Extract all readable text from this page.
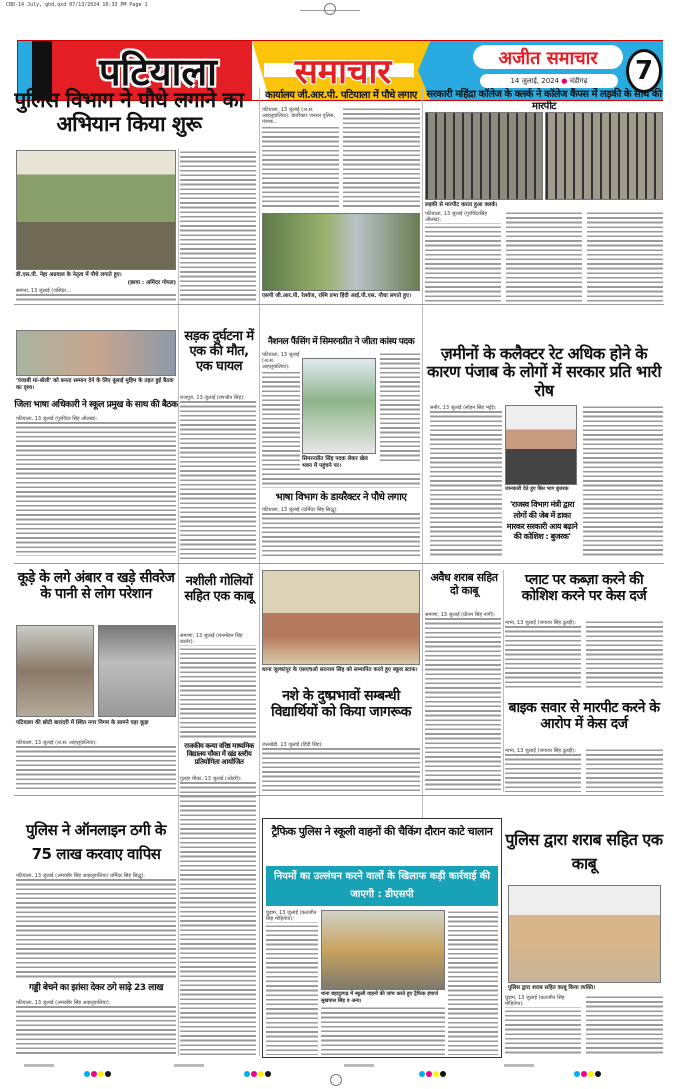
CBD-14 July, ghd.qxd 07/13/2024 10:33 PM Page 1
पटियाला	समाचार	अजीत समाचार
14 जुलाई, 2024 ● चंडीगढ़	7
पुलिस विभाग ने पौधे लगाने का अभियान किया शुरू
डी.एस.पी. नेहा अग्रवाल के नेतृत्व में पौधे लगाते हुए।
(छाया : अमिंदर गोयल)
समाना, 13 जुलाई (जसिंदर...
कार्यालय जी.आर.पी. पटियाला में पौधे लगाए
पटियाला, 13 जुलाई (अ.स. आहलूवालिया): डायरैक्टर जनरल पुलिस, पंजाब...
एसपी जी.आर.पी. रेलवेज, रश्मि प्रभा हिंदी आई.पी.एस. पौधा लगाते हुए।
सरकारी महिंद्रा कॉलेज के क्लर्क ने कॉलेज कैंपस में लड़की के साथ की मारपीट
लड़की से मारपीट करता हुआ क्लर्क।
पटियाला, 13 जुलाई (गुरविंदरसिंह औलख):
'पंजाबी मां-बोली' को बनता सम्मान देने के लिए बुलाई मुहिम के तहत हुई बैठक का दृश्य।
जिला भाषा अधिकारी ने स्कूल प्रमुख के साथ की बैठक
पटियाला, 13 जुलाई (गुरविंदर सिंह औलख):
सड़क दुर्घटना में एक की मौत, एक घायल
राजपुरा, 13 जुलाई (रणजीत सिंह):
नैशनल फैंसिंग में सिमरनप्रीत ने जीता कांस्य पदक
पटियाला, 13 जुलाई (अ.स. आहलूवालिया):
सिमरनप्रीत सिंह पदक लेकर खेल भवन में पहुंचने पर।
भाषा विभाग के डायरैक्टर ने पौधे लगाए
पटियाला, 13 जुलाई (धर्मिंदर सिंह सिद्धू):
ज़मीनों के कलैक्टर रेट अधिक होने के कारण पंजाब के लोगों में सरकार प्रति भारी रोष
सनौर, 13 जुलाई (सोहन सिंह भट्टी):
जानकारी देते हुए बिल भाग बुजरक
'राजस्व विभाग मंत्री द्वारा लोगों की जेब में डाका मारकर सरकारी आय बढ़ाने की कोशिश : बुजरक'
कूड़े के लगे अंबार व खड़े सीवरेज के पानी से लोग परेशान
पटियाला की छोटी बारांदरी में स्थित नगर निगम के सामने पड़ा कूड़ा
पटियाला, 13 जुलाई (अ.स. आहलूवालिया):
नशीली गोलियों सहित एक काबू
समाणा, 13 जुलाई (मनमोहन सिंह कालेर):
राजकीय कन्या वरिष्ठ माध्यमिक विद्यालय चौका में खंड स्तरीय प्रतियोगिता आयोजित
गुलहा चीका, 13 जुलाई (ओहरी):
थाना जुल्कांपुर के एसएचओ सतनाम सिंह को सम्मानित करते हुए स्कूल स्टाफ।
नशे के दुष्प्रभावों सम्बन्धी विद्यार्थियों को किया जागरूक
जलखेड़ी, 13 जुलाई (हिंदी सिंह):
अवैध शराब सहित दो काबू
समाणा, 13 जुलाई (प्रीतम सिंह नागी):
प्लाट पर कब्ज़ा करने की कोशिश करने पर केस दर्ज
नाभा, 13 जुलाई (जगतार सिंह दुलद्दी):
बाइक सवार से मारपीट करने के आरोप में केस दर्ज
नाभा, 13 जुलाई (जगतार सिंह दुलद्दी):
पुलिस ने ऑनलाइन ठगी के 75 लाख करवाए वापिस
पटियाला, 13 जुलाई (अमरबीर सिंह आहलूवालिया/ धर्मिंदर सिंह सिद्धू):
गड्डी बेचने का झांसा देकर ठगे साढ़े 23 लाख
पटियाला, 13 जुलाई (अमरबीर सिंह आहलूवालिया):
ट्रैफिक पुलिस ने स्कूली वाहनों की चैकिंग दौरान काटे चालान
नियमों का उल्लंघन करने वालों के खिलाफ कड़ी कार्रवाई की जाएगी : डीएसपी
घुड़ाम, 13 जुलाई (कलजीत सिंह मोहितेपा):
थाना बहादुरगढ़ में स्कूली वाहनों की जांच करते हुए ट्रैफिक इंचार्ज सुखपाल सिंह व अन्य।
पुलिस द्वारा शराब सहित एक काबू
पुलिस द्वारा शराब सहित काबू किया व्यक्ति।
घुड़ाम, 13 जुलाई (कलजीत सिंह मोहितेपा):
